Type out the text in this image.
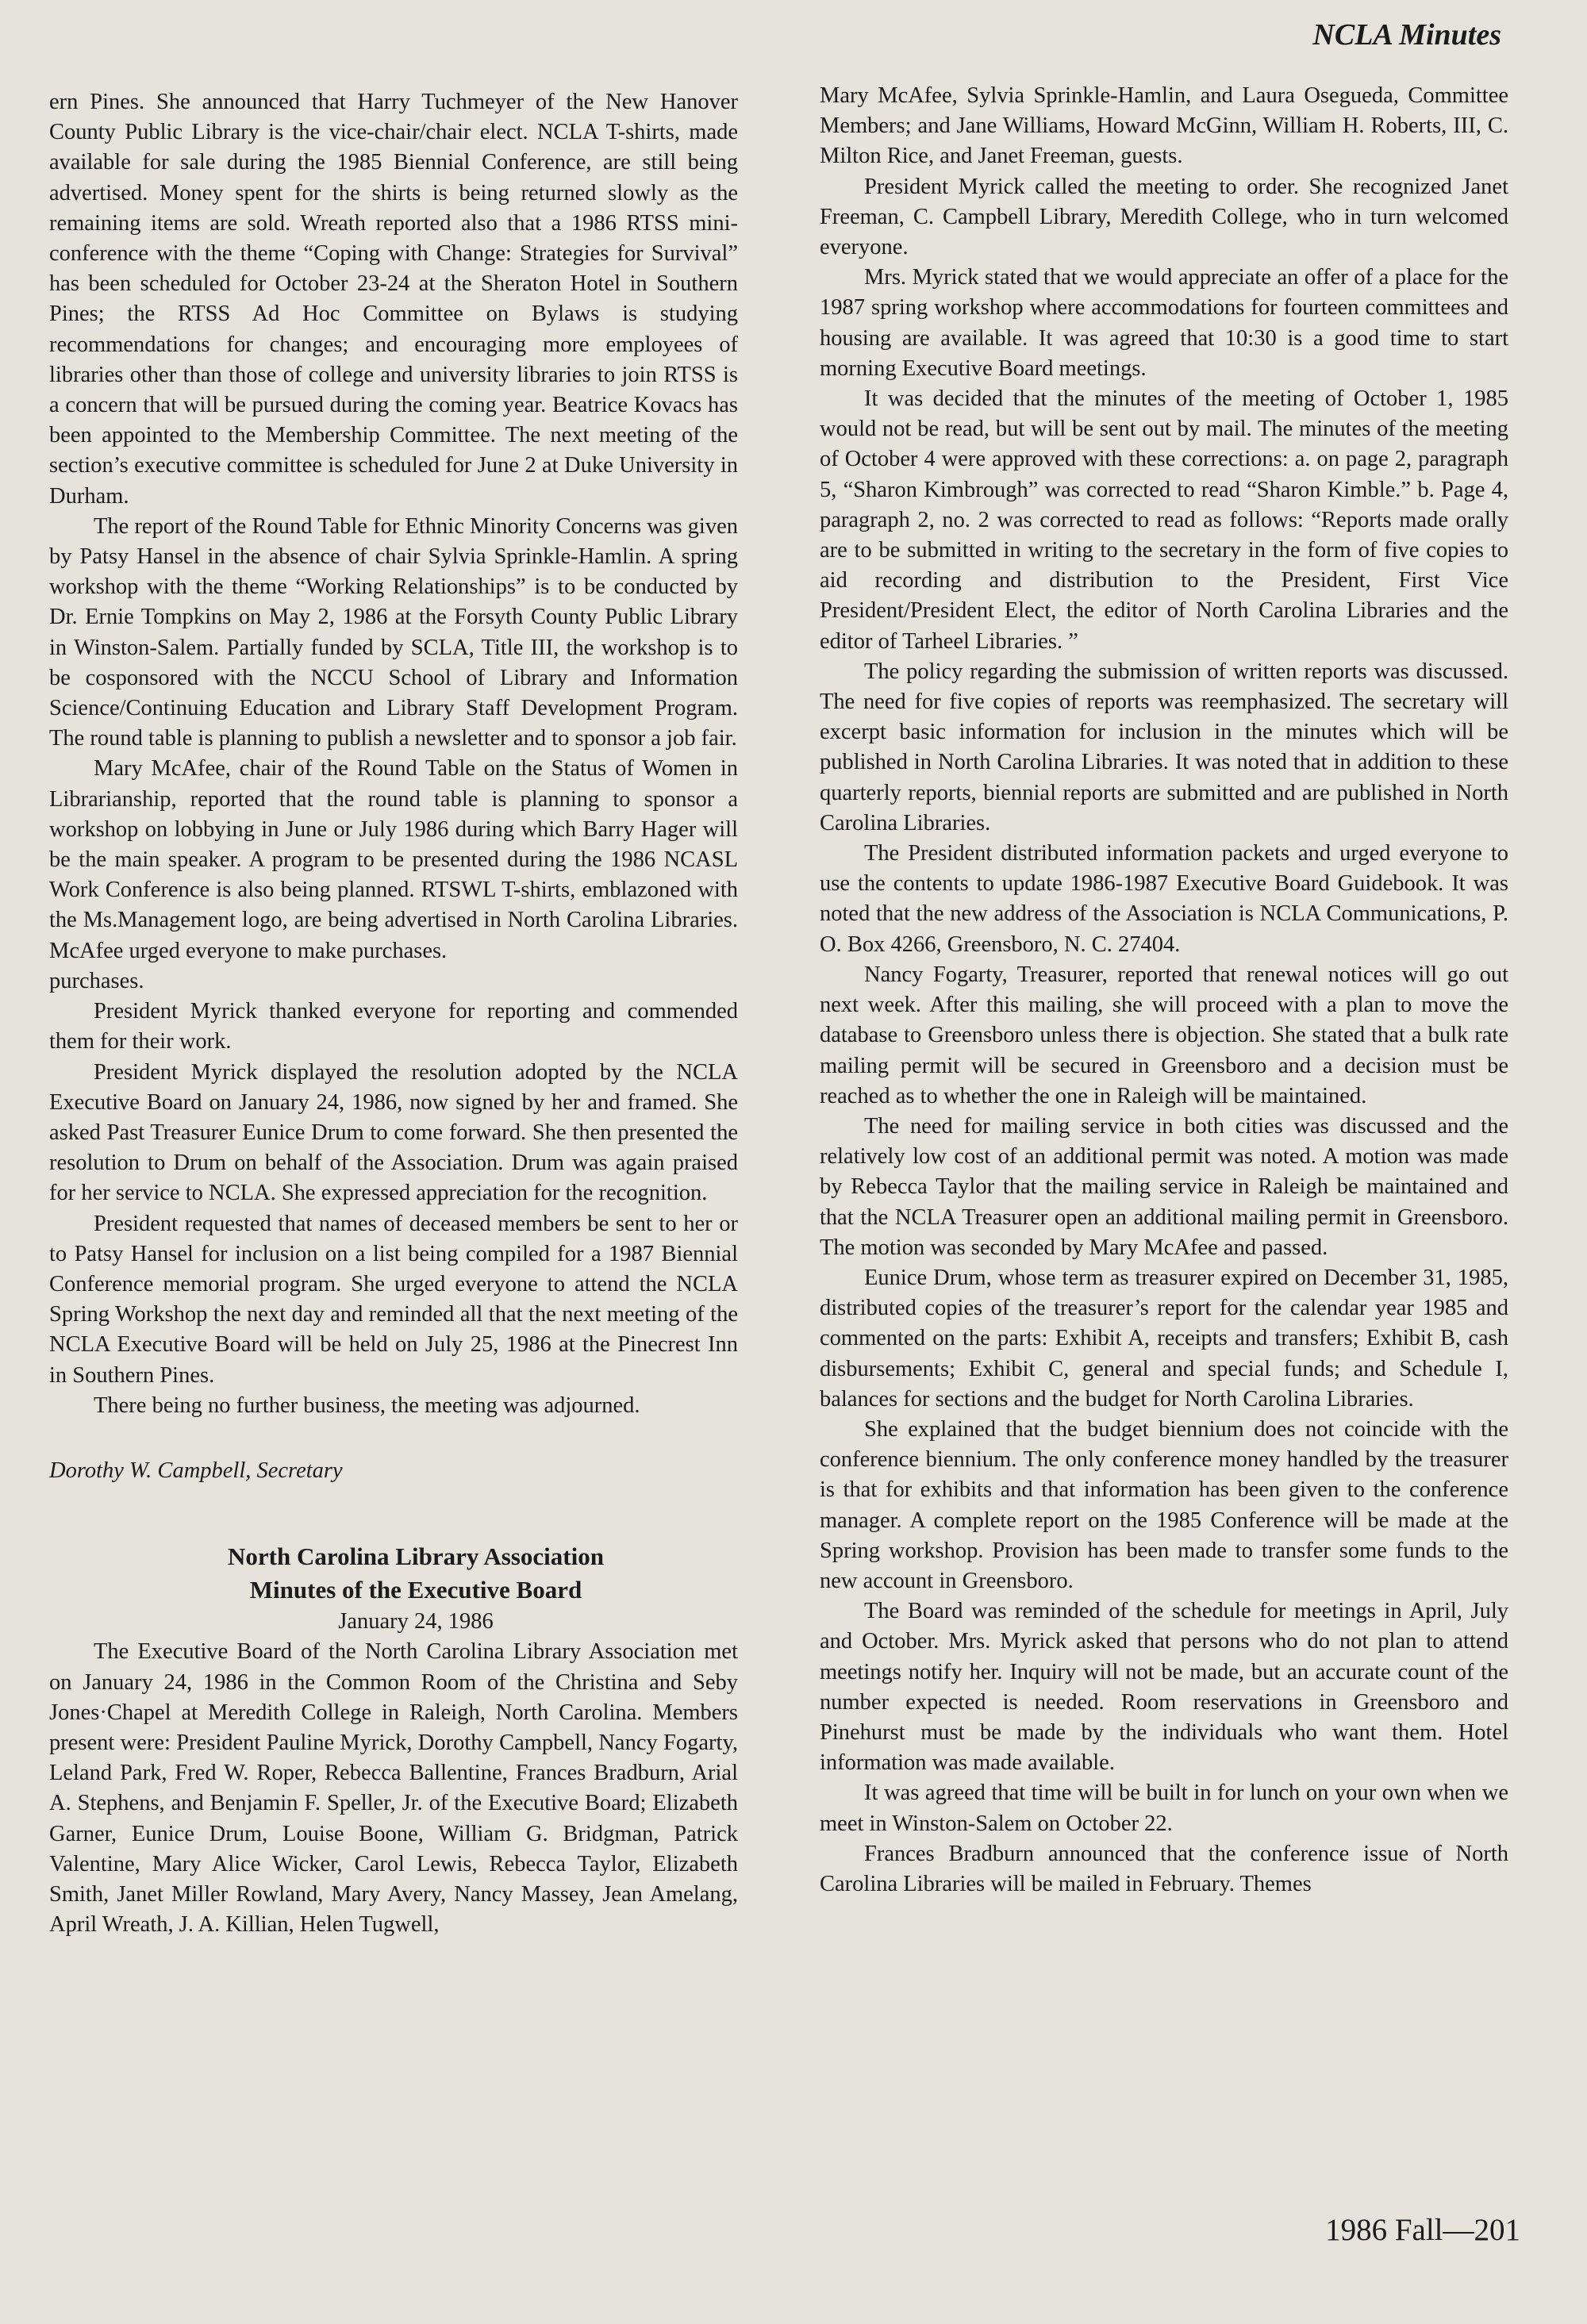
NCLA Minutes

ern Pines. She announced that Harry Tuchmeyer of the New Hanover County Public Library is the vice-chair/chair elect. NCLA T-shirts, made available for sale during the 1985 Biennial Conference, are still being advertised. Money spent for the shirts is being returned slowly as the remaining items are sold. Wreath reported also that a 1986 RTSS mini-conference with the theme “Coping with Change: Strategies for Survival” has been scheduled for October 23-24 at the Sheraton Hotel in Southern Pines; the RTSS Ad Hoc Committee on Bylaws is studying recommendations for changes; and encouraging more employees of libraries other than those of college and university libraries to join RTSS is a concern that will be pursued during the coming year. Beatrice Kovacs has been appointed to the Membership Committee. The next meeting of the section’s executive committee is scheduled for June 2 at Duke University in Durham.

The report of the Round Table for Ethnic Minority Concerns was given by Patsy Hansel in the absence of chair Sylvia Sprinkle-Hamlin. A spring workshop with the theme “Working Relationships” is to be conducted by Dr. Ernie Tompkins on May 2, 1986 at the Forsyth County Public Library in Winston-Salem. Partially funded by SCLA, Title III, the workshop is to be cosponsored with the NCCU School of Library and Information Science/Continuing Education and Library Staff Development Program. The round table is planning to publish a newsletter and to sponsor a job fair.

Mary McAfee, chair of the Round Table on the Status of Women in Librarianship, reported that the round table is planning to sponsor a workshop on lobbying in June or July 1986 during which Barry Hager will be the main speaker. A program to be presented during the 1986 NCASL Work Conference is also being planned. RTSWL T-shirts, emblazoned with the Ms.Management logo, are being advertised in North Carolina Libraries. McAfee urged everyone to make purchases.

purchases.

President Myrick thanked everyone for reporting and commended them for their work.

President Myrick displayed the resolution adopted by the NCLA Executive Board on January 24, 1986, now signed by her and framed. She asked Past Treasurer Eunice Drum to come forward. She then presented the resolution to Drum on behalf of the Association. Drum was again praised for her service to NCLA. She expressed appreciation for the recognition.

President requested that names of deceased members be sent to her or to Patsy Hansel for inclusion on a list being compiled for a 1987 Biennial Conference memorial program. She urged everyone to attend the NCLA Spring Workshop the next day and reminded all that the next meeting of the NCLA Executive Board will be held on July 25, 1986 at the Pinecrest Inn in Southern Pines.

There being no further business, the meeting was adjourned.

Dorothy W. Campbell, Secretary

North Carolina Library Association

Minutes of the Executive Board

January 24, 1986

The Executive Board of the North Carolina Library Association met on January 24, 1986 in the Common Room of the Christina and Seby Jones·Chapel at Meredith College in Raleigh, North Carolina. Members present were: President Pauline Myrick, Dorothy Campbell, Nancy Fogarty, Leland Park, Fred W. Roper, Rebecca Ballentine, Frances Bradburn, Arial A. Stephens, and Benjamin F. Speller, Jr. of the Executive Board; Elizabeth Garner, Eunice Drum, Louise Boone, William G. Bridgman, Patrick Valentine, Mary Alice Wicker, Carol Lewis, Rebecca Taylor, Elizabeth Smith, Janet Miller Rowland, Mary Avery, Nancy Massey, Jean Amelang, April Wreath, J. A. Killian, Helen Tugwell,

Mary McAfee, Sylvia Sprinkle-Hamlin, and Laura Osegueda, Committee Members; and Jane Williams, Howard McGinn, William H. Roberts, III, C. Milton Rice, and Janet Freeman, guests.

President Myrick called the meeting to order. She recognized Janet Freeman, C. Campbell Library, Meredith College, who in turn welcomed everyone.

Mrs. Myrick stated that we would appreciate an offer of a place for the 1987 spring workshop where accommodations for fourteen committees and housing are available. It was agreed that 10:30 is a good time to start morning Executive Board meetings.

It was decided that the minutes of the meeting of October 1, 1985 would not be read, but will be sent out by mail. The minutes of the meeting of October 4 were approved with these corrections: a. on page 2, paragraph 5, “Sharon Kimbrough” was corrected to read “Sharon Kimble.” b. Page 4, paragraph 2, no. 2 was corrected to read as follows: “Reports made orally are to be submitted in writing to the secretary in the form of five copies to aid recording and distribution to the President, First Vice President/President Elect, the editor of North Carolina Libraries and the editor of Tarheel Libraries. ”

The policy regarding the submission of written reports was discussed. The need for five copies of reports was reemphasized. The secretary will excerpt basic information for inclusion in the minutes which will be published in North Carolina Libraries. It was noted that in addition to these quarterly reports, biennial reports are submitted and are published in North Carolina Libraries.

The President distributed information packets and urged everyone to use the contents to update 1986-1987 Executive Board Guidebook. It was noted that the new address of the Association is NCLA Communications, P. O. Box 4266, Greensboro, N. C. 27404.

Nancy Fogarty, Treasurer, reported that renewal notices will go out next week. After this mailing, she will proceed with a plan to move the database to Greensboro unless there is objection. She stated that a bulk rate mailing permit will be secured in Greensboro and a decision must be reached as to whether the one in Raleigh will be maintained.

The need for mailing service in both cities was discussed and the relatively low cost of an additional permit was noted. A motion was made by Rebecca Taylor that the mailing service in Raleigh be maintained and that the NCLA Treasurer open an additional mailing permit in Greensboro. The motion was seconded by Mary McAfee and passed.

Eunice Drum, whose term as treasurer expired on December 31, 1985, distributed copies of the treasurer’s report for the calendar year 1985 and commented on the parts: Exhibit A, receipts and transfers; Exhibit B, cash disbursements; Exhibit C, general and special funds; and Schedule I, balances for sections and the budget for North Carolina Libraries.

She explained that the budget biennium does not coincide with the conference biennium. The only conference money handled by the treasurer is that for exhibits and that information has been given to the conference manager. A complete report on the 1985 Conference will be made at the Spring workshop. Provision has been made to transfer some funds to the new account in Greensboro.

The Board was reminded of the schedule for meetings in April, July and October. Mrs. Myrick asked that persons who do not plan to attend meetings notify her. Inquiry will not be made, but an accurate count of the number expected is needed. Room reservations in Greensboro and Pinehurst must be made by the individuals who want them. Hotel information was made available.

It was agreed that time will be built in for lunch on your own when we meet in Winston-Salem on October 22.

Frances Bradburn announced that the conference issue of North Carolina Libraries will be mailed in February. Themes

1986 Fall—201
